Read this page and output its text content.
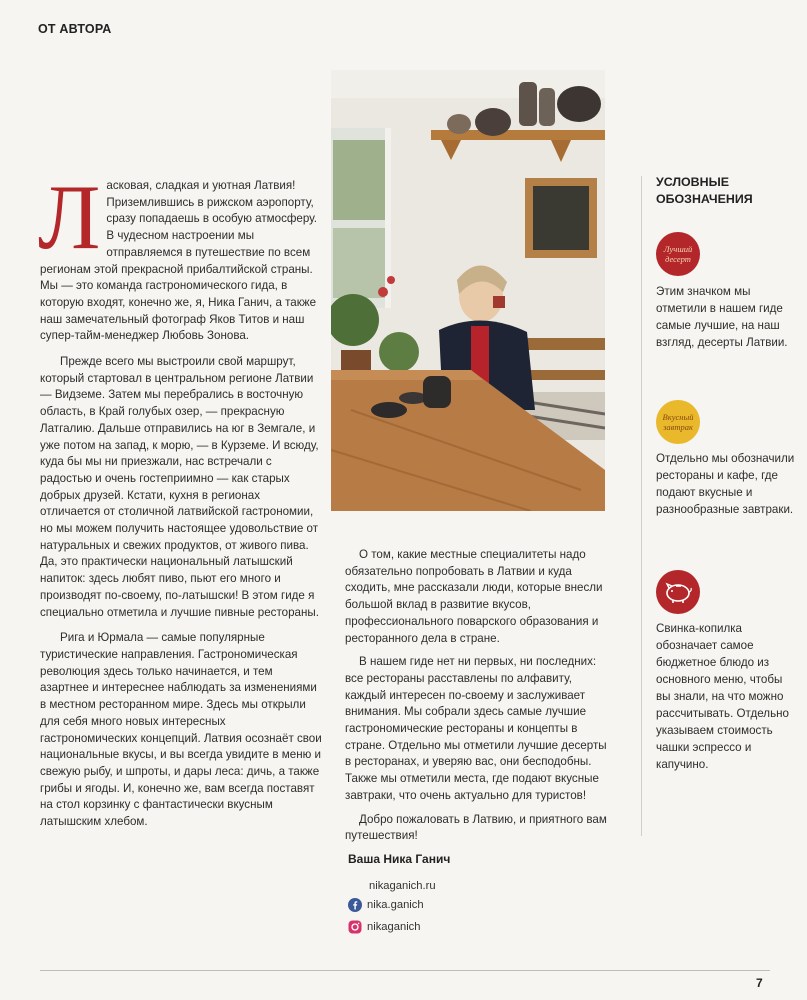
ОТ АВТОРА
Л асковая, сладкая и уютная Латвия! Приземлившись в рижском аэропорту, сразу попадаешь в особую атмосферу. В чудесном настроении мы отправляемся в путешествие по всем регионам этой прекрасной прибалтийской страны. Мы — это команда гастрономического гида, в которую входят, конечно же, я, Ника Ганич, а также наш замечательный фотограф Яков Титов и наш супер-тайм-менеджер Любовь Зонова.

Прежде всего мы выстроили свой маршрут, который стартовал в центральном регионе Латвии — Видземе. Затем мы перебрались в восточную область, в Край голубых озер, — прекрасную Латгалию. Дальше отправились на юг в Земгале, и уже потом на запад, к морю, — в Курземе. И всюду, куда бы мы ни приезжали, нас встречали с радостью и очень гостеприимно — как старых добрых друзей. Кстати, кухня в регионах отличается от столичной латвийской гастрономии, но мы можем получить настоящее удовольствие от натуральных и свежих продуктов, от живого пива. Да, это практически национальный латышский напиток: здесь любят пиво, пьют его много и производят по-своему, по-латышски! В этом гиде я специально отметила и лучшие пивные рестораны.

Рига и Юрмала — самые популярные туристические направления. Гастрономическая революция здесь только начинается, и тем азартнее и интереснее наблюдать за изменениями в местном ресторанном мире. Здесь мы открыли для себя много новых интересных гастрономических концепций. Латвия осознаёт свои национальные вкусы, и вы всегда увидите в меню и свежую рыбу, и шпроты, и дары леса: дичь, а также грибы и ягоды. И, конечно же, вам всегда поставят на стол корзинку с фантастически вкусным латышским хлебом.

О том, какие местные специалитеты надо обязательно попробовать в Латвии и куда сходить, мне рассказали люди, которые внесли большой вклад в развитие вкусов, профессионального поварского образования и ресторанного дела в стране.

В нашем гиде нет ни первых, ни последних: все рестораны расставлены по алфавиту, каждый интересен по-своему и заслуживает внимания. Мы собрали здесь самые лучшие гастрономические рестораны и концепты в стране. Отдельно мы отметили лучшие десерты в ресторанах, и уверяю вас, они бесподобны. Также мы отметили места, где подают вкусные завтраки, что очень актуально для туристов!

Добро пожаловать в Латвию, и приятного вам путешествия!

Ваша Ника Ганич
nikaganich.ru
nika.ganich
nikaganich
УСЛОВНЫЕ ОБОЗНАЧЕНИЯ
Лучший десерт
Этим значком мы отметили в нашем гиде самые лучшие, на наш взгляд, десерты Латвии.
Вкусный завтрак
Отдельно мы обозначили рестораны и кафе, где подают вкусные и разнообразные завтраки.
Свинка-копилка обозначает самое бюджетное блюдо из основного меню, чтобы вы знали, на что можно рассчитывать. Отдельно указываем стоимость чашки эспрессо и капучино.
7
